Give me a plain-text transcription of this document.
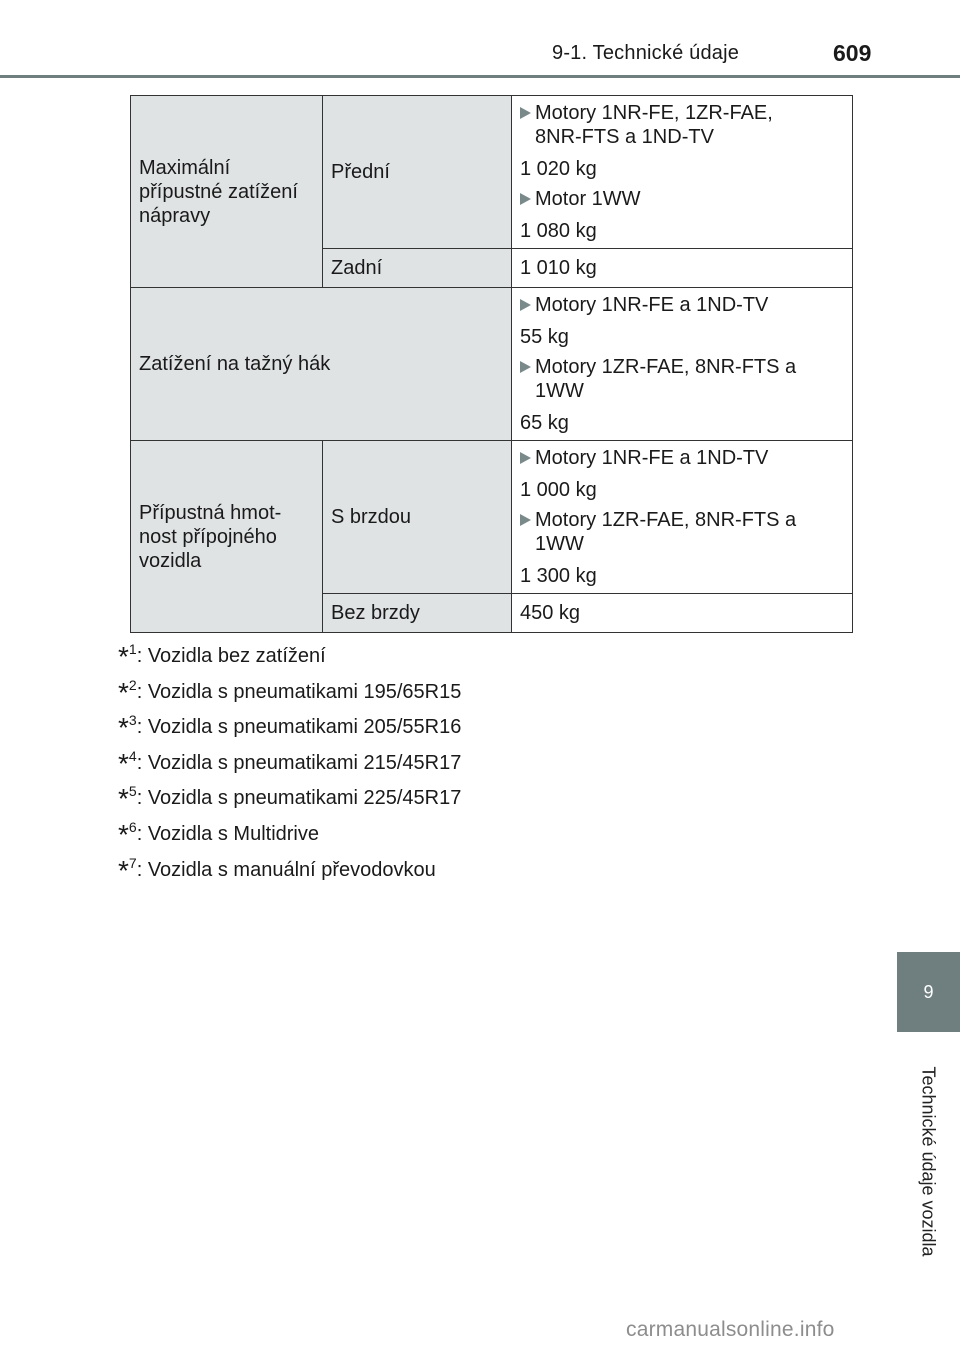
9-1. Technické údaje	609
Maximální přípustné zatížení nápravy	Přední	Motory 1NR-FE, 1ZR-FAE, 8NR-FTS a 1ND-TV
1 020 kg
Motor 1WW
1 080 kg

	Zadní	1 010 kg
Zatížení na tažný hák		Motory 1NR-FE a 1ND-TV
55 kg
Motory 1ZR-FAE, 8NR-FTS a 1WW
65 kg

Přípustná hmot-nost přípojného vozidla	S brzdou	Motory 1NR-FE a 1ND-TV
1 000 kg
Motory 1ZR-FAE, 8NR-FTS a 1WW
1 300 kg

	Bez brzdy	450 kg
* 1 : Vozidla bez zatížení
* 2 : Vozidla s pneumatikami 195/65R15
* 3 : Vozidla s pneumatikami 205/55R16
* 4 : Vozidla s pneumatikami 215/45R17
* 5 : Vozidla s pneumatikami 225/45R17
* 6 : Vozidla s Multidrive
* 7 : Vozidla s manuální převodovkou
9
Technické údaje vozidla
carmanualsonline.info
